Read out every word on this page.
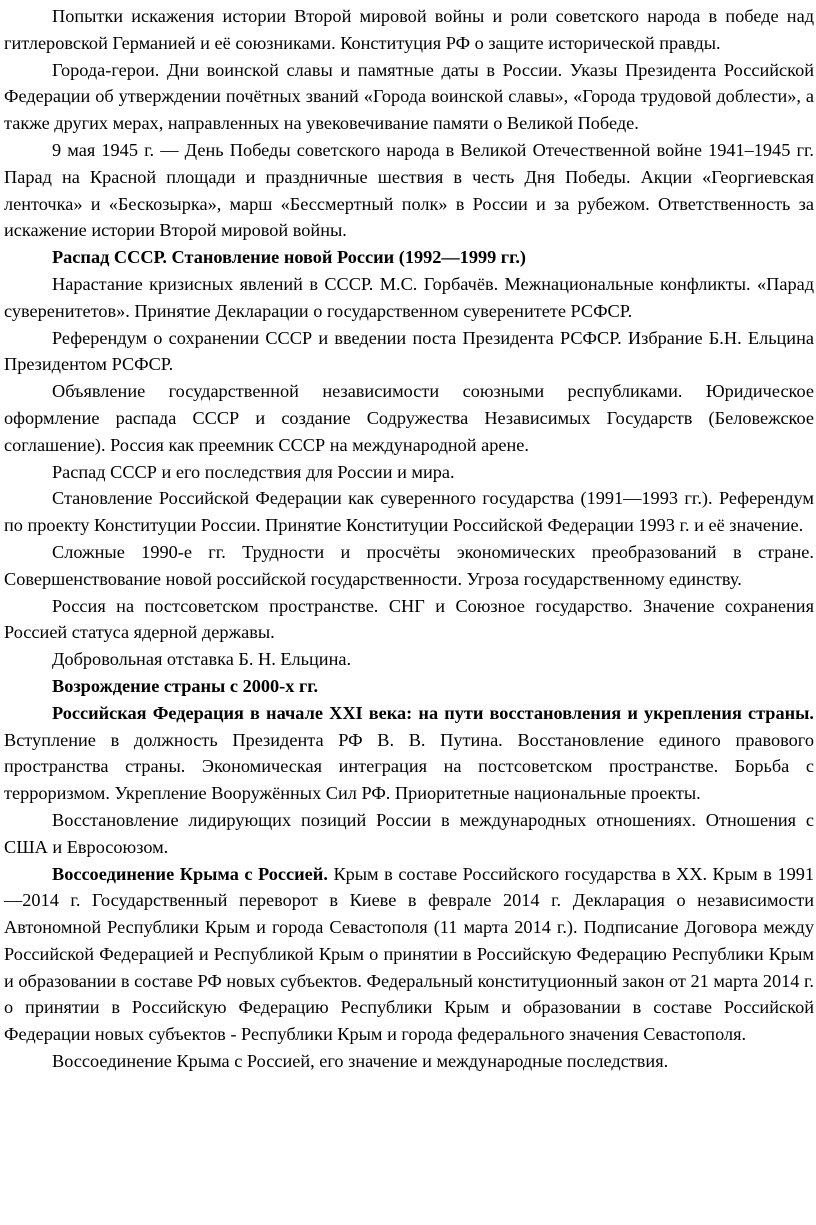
Попытки искажения истории Второй мировой войны и роли советского народа в победе над гитлеровской Германией и её союзниками. Конституция РФ о защите исторической правды.

Города-герои. Дни воинской славы и памятные даты в России. Указы Президента Российской Федерации об утверждении почётных званий «Города воинской славы», «Города трудовой доблести», а также других мерах, направленных на увековечивание памяти о Великой Победе.

9 мая 1945 г. — День Победы советского народа в Великой Отечественной войне 1941–1945 гг. Парад на Красной площади и праздничные шествия в честь Дня Победы. Акции «Георгиевская ленточка» и «Бескозырка», марш «Бессмертный полк» в России и за рубежом. Ответственность за искажение истории Второй мировой войны.

Распад СССР. Становление новой России (1992—1999 гг.)

Нарастание кризисных явлений в СССР. М.С. Горбачёв. Межнациональные конфликты. «Парад суверенитетов». Принятие Декларации о государственном суверенитете РСФСР.

Референдум о сохранении СССР и введении поста Президента РСФСР. Избрание Б.Н. Ельцина Президентом РСФСР.

Объявление государственной независимости союзными республиками. Юридическое оформление распада СССР и создание Содружества Независимых Государств (Беловежское соглашение). Россия как преемник СССР на международной арене.

Распад СССР и его последствия для России и мира.

Становление Российской Федерации как суверенного государства (1991—1993 гг.). Референдум по проекту Конституции России. Принятие Конституции Российской Федерации 1993 г. и её значение.

Сложные 1990-е гг. Трудности и просчёты экономических преобразований в стране. Совершенствование новой российской государственности. Угроза государственному единству.

Россия на постсоветском пространстве. СНГ и Союзное государство. Значение сохранения Россией статуса ядерной державы.

Добровольная отставка Б. Н. Ельцина.

Возрождение страны с 2000-х гг.

Российская Федерация в начале XXI века: на пути восстановления и укрепления страны. Вступление в должность Президента РФ В. В. Путина. Восстановление единого правового пространства страны. Экономическая интеграция на постсоветском пространстве. Борьба с терроризмом. Укрепление Вооружённых Сил РФ. Приоритетные национальные проекты.

Восстановление лидирующих позиций России в международных отношениях. Отношения с США и Евросоюзом.

Воссоединение Крыма с Россией. Крым в составе Российского государства в XX. Крым в 1991—2014 г. Государственный переворот в Киеве в феврале 2014 г. Декларация о независимости Автономной Республики Крым и города Севастополя (11 марта 2014 г.). Подписание Договора между Российской Федерацией и Республикой Крым о принятии в Российскую Федерацию Республики Крым и образовании в составе РФ новых субъектов. Федеральный конституционный закон от 21 марта 2014 г. о принятии в Российскую Федерацию Республики Крым и образовании в составе Российской Федерации новых субъектов - Республики Крым и города федерального значения Севастополя.

Воссоединение Крыма с Россией, его значение и международные последствия.
